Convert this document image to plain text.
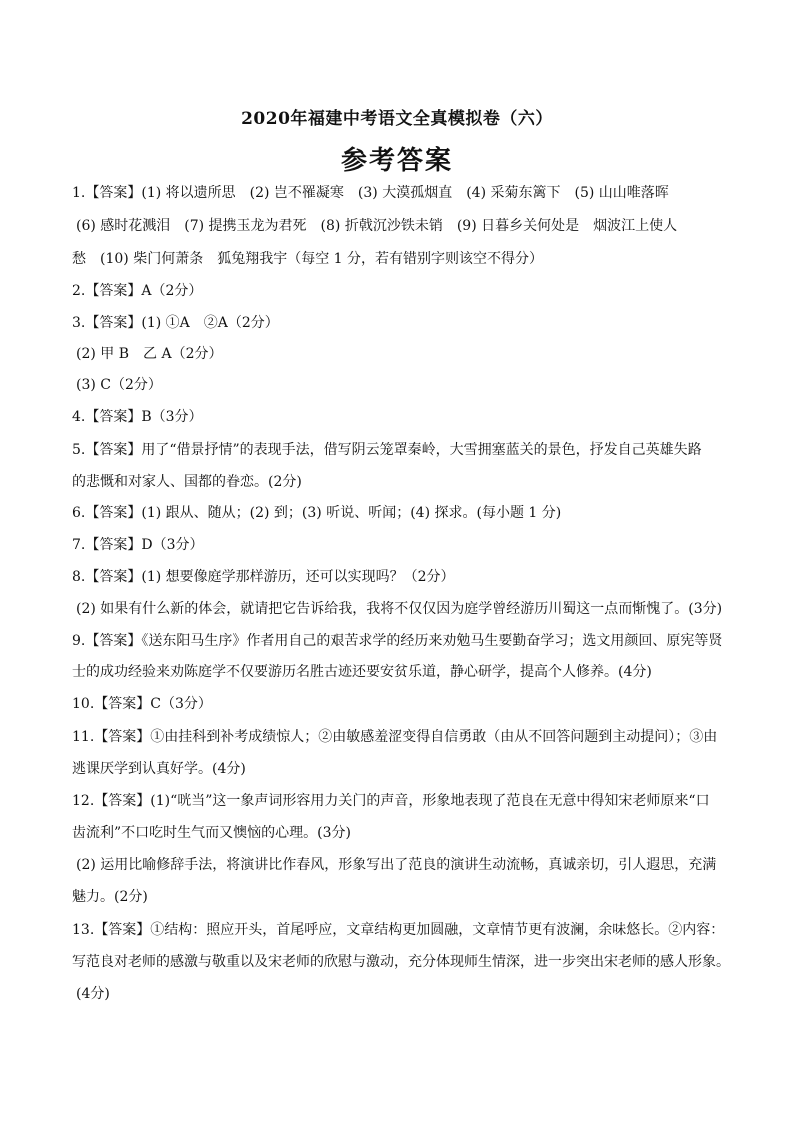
2020年福建中考语文全真模拟卷（六）
参考答案
1.【答案】(1) 将以遗所思　(2) 岂不罹凝寒　(3) 大漠孤烟直　(4) 采菊东篱下　(5) 山山唯落晖
(6) 感时花溅泪　(7) 提携玉龙为君死　(8) 折戟沉沙铁未销　(9) 日暮乡关何处是　烟波江上使人
愁　(10) 柴门何萧条　狐兔翔我宇（每空 1 分，若有错别字则该空不得分）
2.【答案】A（2分）
3.【答案】(1) ①A　②A（2分）
(2) 甲 B　乙 A（2分）
(3) C（2分）
4.【答案】B（3分）
5.【答案】用了“借景抒情”的表现手法，借写阴云笼罩秦岭，大雪拥塞蓝关的景色，抒发自己英雄失路
的悲慨和对家人、国都的眷恋。(2分)
6.【答案】(1) 跟从、随从；(2) 到；(3) 听说、听闻；(4) 探求。(每小题 1 分)
7.【答案】D（3分）
8.【答案】(1) 想要像庭学那样游历，还可以实现吗？（2分）
(2) 如果有什么新的体会，就请把它告诉给我，我将不仅仅因为庭学曾经游历川蜀这一点而惭愧了。(3分)
9.【答案】《送东阳马生序》作者用自己的艰苦求学的经历来劝勉马生要勤奋学习；选文用颜回、原宪等贤
士的成功经验来劝陈庭学不仅要游历名胜古迹还要安贫乐道，静心研学，提高个人修养。(4分)
10.【答案】C（3分）
11.【答案】①由挂科到补考成绩惊人；②由敏感羞涩变得自信勇敢（由从不回答问题到主动提问）；③由
逃课厌学到认真好学。(4分)
12.【答案】(1)“咣当”这一象声词形容用力关门的声音，形象地表现了范良在无意中得知宋老师原来“口
齿流利”不口吃时生气而又懊恼的心理。(3分)
(2) 运用比喻修辞手法，将演讲比作春风，形象写出了范良的演讲生动流畅，真诚亲切，引人遐思，充满
魅力。(2分)
13.【答案】①结构：照应开头，首尾呼应，文章结构更加圆融，文章情节更有波澜，余味悠长。②内容：
写范良对老师的感激与敬重以及宋老师的欣慰与激动，充分体现师生情深，进一步突出宋老师的感人形象。
(4分)
